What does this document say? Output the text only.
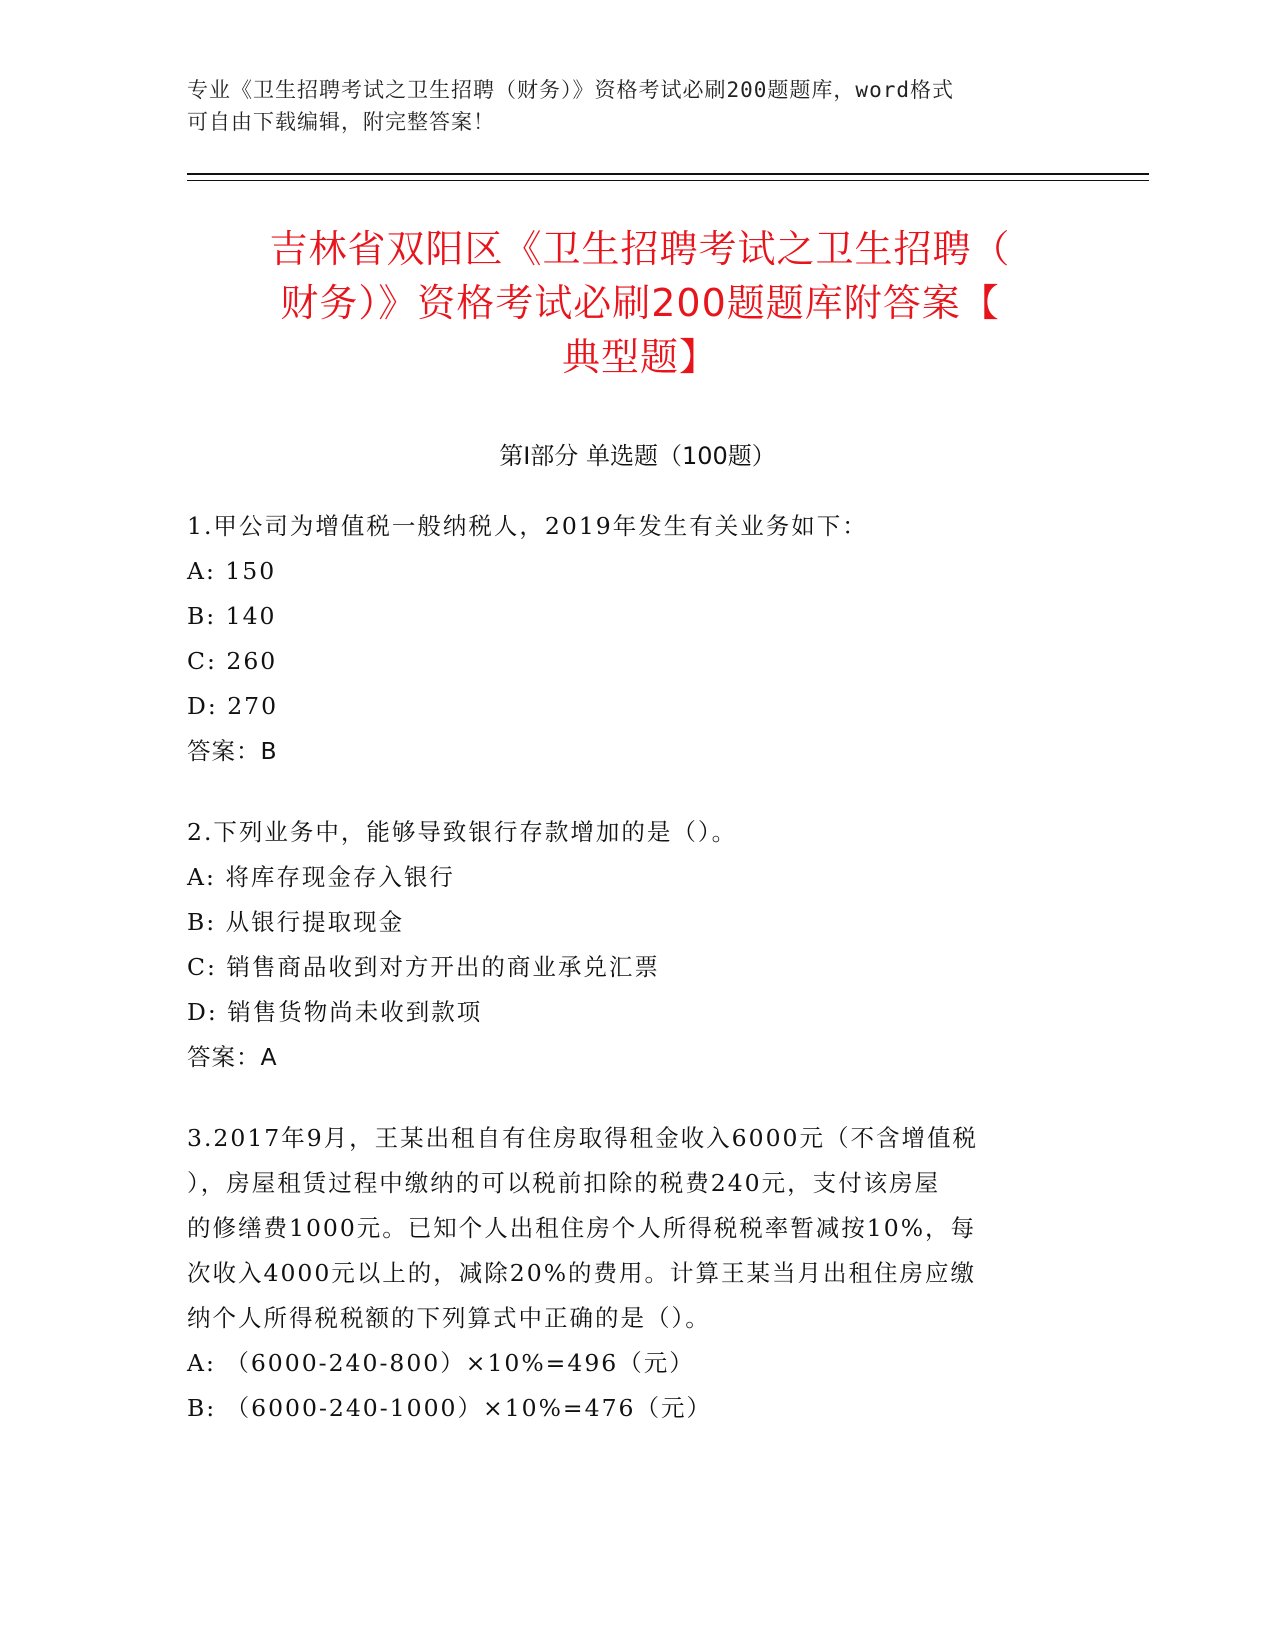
专业《卫生招聘考试之卫生招聘（财务）》资格考试必刷200题题库，word格式
可自由下载编辑，附完整答案！
吉林省双阳区《卫生招聘考试之卫生招聘（
财务）》资格考试必刷200题题库附答案【
典型题】
第Ⅰ部分 单选题（100题）
1.甲公司为增值税一般纳税人，2019年发生有关业务如下：
A: 150
B: 140
C: 260
D: 270
答案：B
2.下列业务中，能够导致银行存款增加的是（）。
A: 将库存现金存入银行
B: 从银行提取现金
C: 销售商品收到对方开出的商业承兑汇票
D: 销售货物尚未收到款项
答案：A
3.2017年9月，王某出租自有住房取得租金收入6000元（不含增值税
），房屋租赁过程中缴纳的可以税前扣除的税费240元，支付该房屋
的修缮费1000元。已知个人出租住房个人所得税税率暂减按10%，每
次收入4000元以上的，减除20%的费用。计算王某当月出租住房应缴
纳个人所得税税额的下列算式中正确的是（）。
A: （6000-240-800）×10%=496（元）
B: （6000-240-1000）×10%=476（元）
